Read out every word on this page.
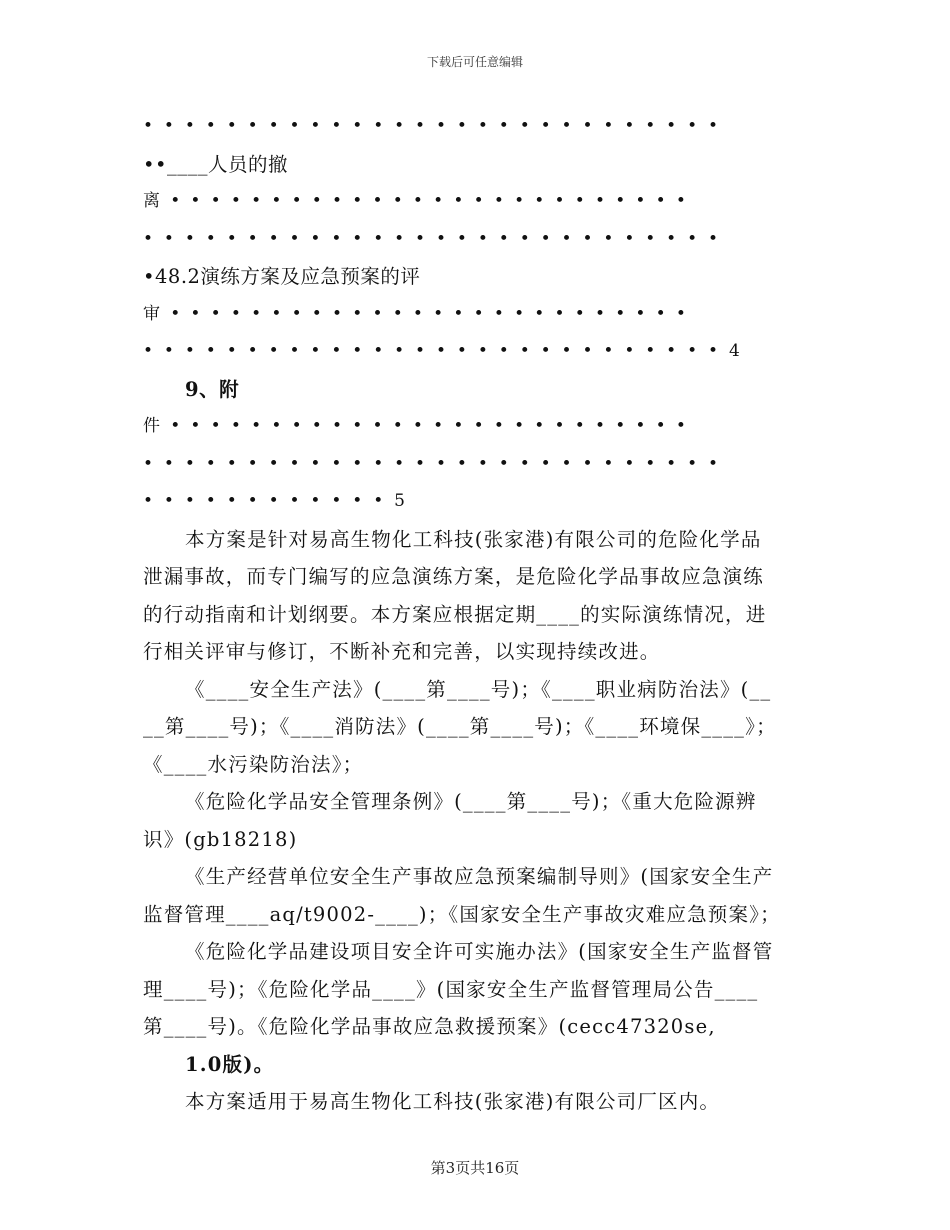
下载后可任意编辑
••••••••••••••••••••••••••••
••____人员的撤
离••••••••••••••••••••••••••
••••••••••••••••••••••••••••
•48.2演练方案及应急预案的评
审••••••••••••••••••••••••••
••••••••••••••••••••••••••••4
9、附
件••••••••••••••••••••••••••
••••••••••••••••••••••••••••
••••••••••••5
本方案是针对易高生物化工科技(张家港)有限公司的危险化学品
泄漏事故，而专门编写的应急演练方案，是危险化学品事故应急演练
的行动指南和计划纲要。本方案应根据定期____的实际演练情况，进
行相关评审与修订，不断补充和完善，以实现持续改进。
《____安全生产法》(____第____号)；《____职业病防治法》(__
__第____号)；《____消防法》(____第____号)；《____环境保____》；
《____水污染防治法》；
《危险化学品安全管理条例》(____第____号)；《重大危险源辨
识》(gb18218)
《生产经营单位安全生产事故应急预案编制导则》(国家安全生产
监督管理____aq/t9002-____)；《国家安全生产事故灾难应急预案》；
《危险化学品建设项目安全许可实施办法》(国家安全生产监督管
理____号)；《危险化学品____》(国家安全生产监督管理局公告____
第____号)。《危险化学品事故应急救援预案》(cecc47320se,
1.0版)。
本方案适用于易高生物化工科技(张家港)有限公司厂区内。
第3页共16页
